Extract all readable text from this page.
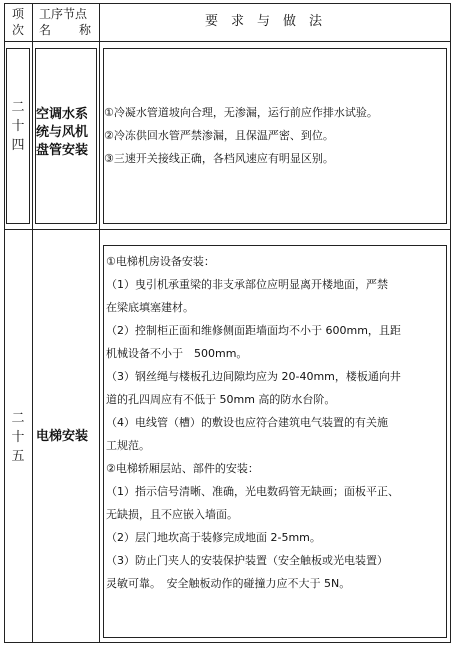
项
次
工序节点
名 称
要　求　与　做　法
二
十
四
空调水系
统与风机
盘管安装
①冷凝水管道坡向合理，无渗漏，运行前应作排水试验。
②冷冻供回水管严禁渗漏，且保温严密、到位。
③三速开关接线正确，各档风速应有明显区别。
二
十
五
电梯安装
①电梯机房设备安装：
（1）曳引机承重梁的非支承部位应明显离开楼地面，严禁
在梁底填塞建材。
（2）控制柜正面和维修侧面距墙面均不小于 600mm，且距
机械设备不小于　500mm。
（3）钢丝绳与楼板孔边间隙均应为 20-40mm，楼板通向井
道的孔四周应有不低于 50mm 高的防水台阶。
（4）电线管（槽）的敷设也应符合建筑电气装置的有关施
工规范。
②电梯轿厢层站、部件的安装：
（1）指示信号清晰、准确，光电数码管无缺画；面板平正、
无缺损，且不应嵌入墙面。
（2）层门地坎高于装修完成地面 2-5mm。
（3）防止门夹人的安装保护装置（安全触板或光电装置）
灵敏可靠。　安全触板动作的碰撞力应不大于 5N。
